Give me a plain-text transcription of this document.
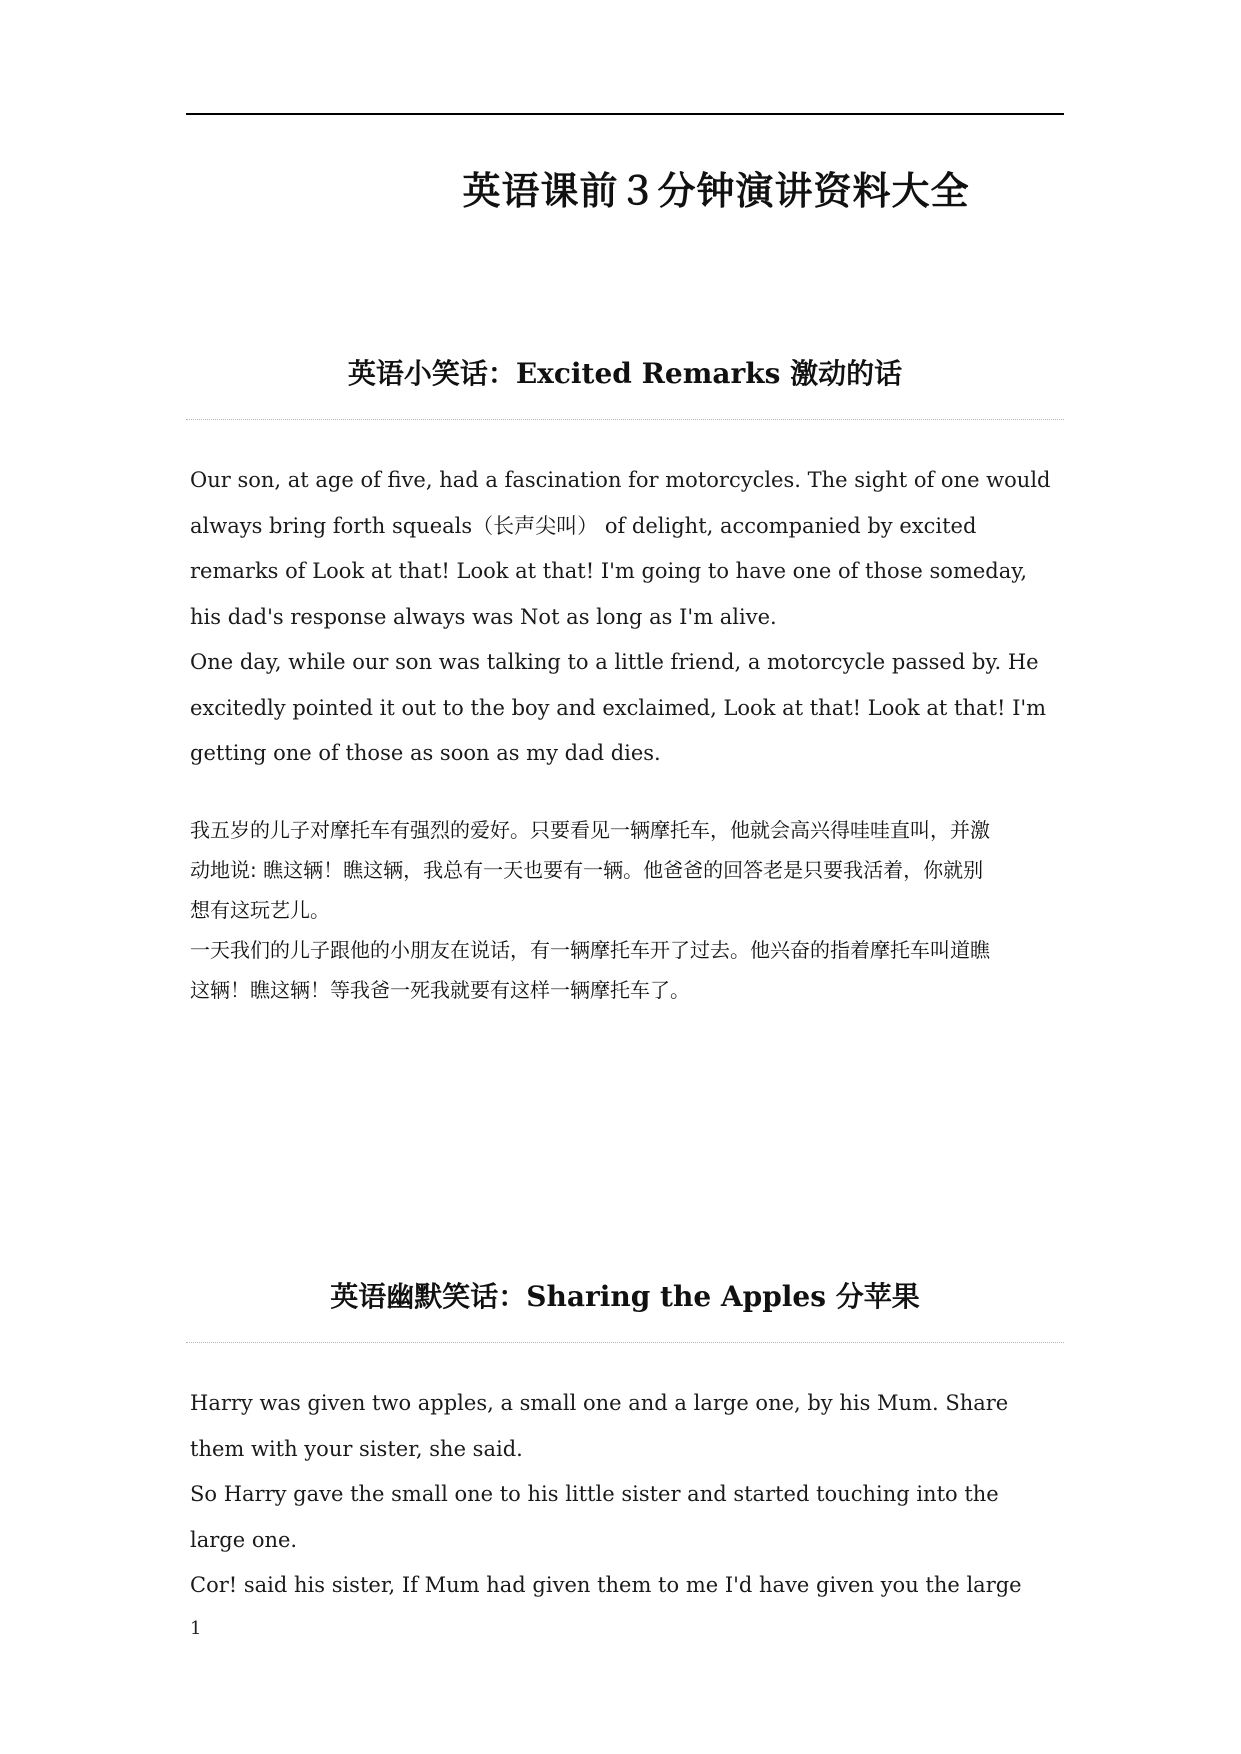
英语课前３分钟演讲资料大全
英语小笑话：Excited Remarks 激动的话
Our son, at age of five, had a fascination for motorcycles. The sight of one would
always bring forth squeals（长声尖叫） of delight, accompanied by excited
remarks of Look at that! Look at that! I'm going to have one of those someday,
his dad's response always was Not as long as I'm alive.
One day, while our son was talking to a little friend, a motorcycle passed by. He
excitedly pointed it out to the boy and exclaimed, Look at that! Look at that! I'm
getting one of those as soon as my dad dies.
我五岁的儿子对摩托车有强烈的爱好。只要看见一辆摩托车，他就会高兴得哇哇直叫，并激
动地说: 瞧这辆！瞧这辆，我总有一天也要有一辆。他爸爸的回答老是只要我活着，你就别
想有这玩艺儿。
一天我们的儿子跟他的小朋友在说话，有一辆摩托车开了过去。他兴奋的指着摩托车叫道瞧
这辆！瞧这辆！等我爸一死我就要有这样一辆摩托车了。
英语幽默笑话：Sharing the Apples 分苹果
Harry was given two apples, a small one and a large one, by his Mum. Share
them with your sister, she said.
So Harry gave the small one to his little sister and started touching into the
large one.
Cor! said his sister, If Mum had given them to me I'd have given you the large
1
